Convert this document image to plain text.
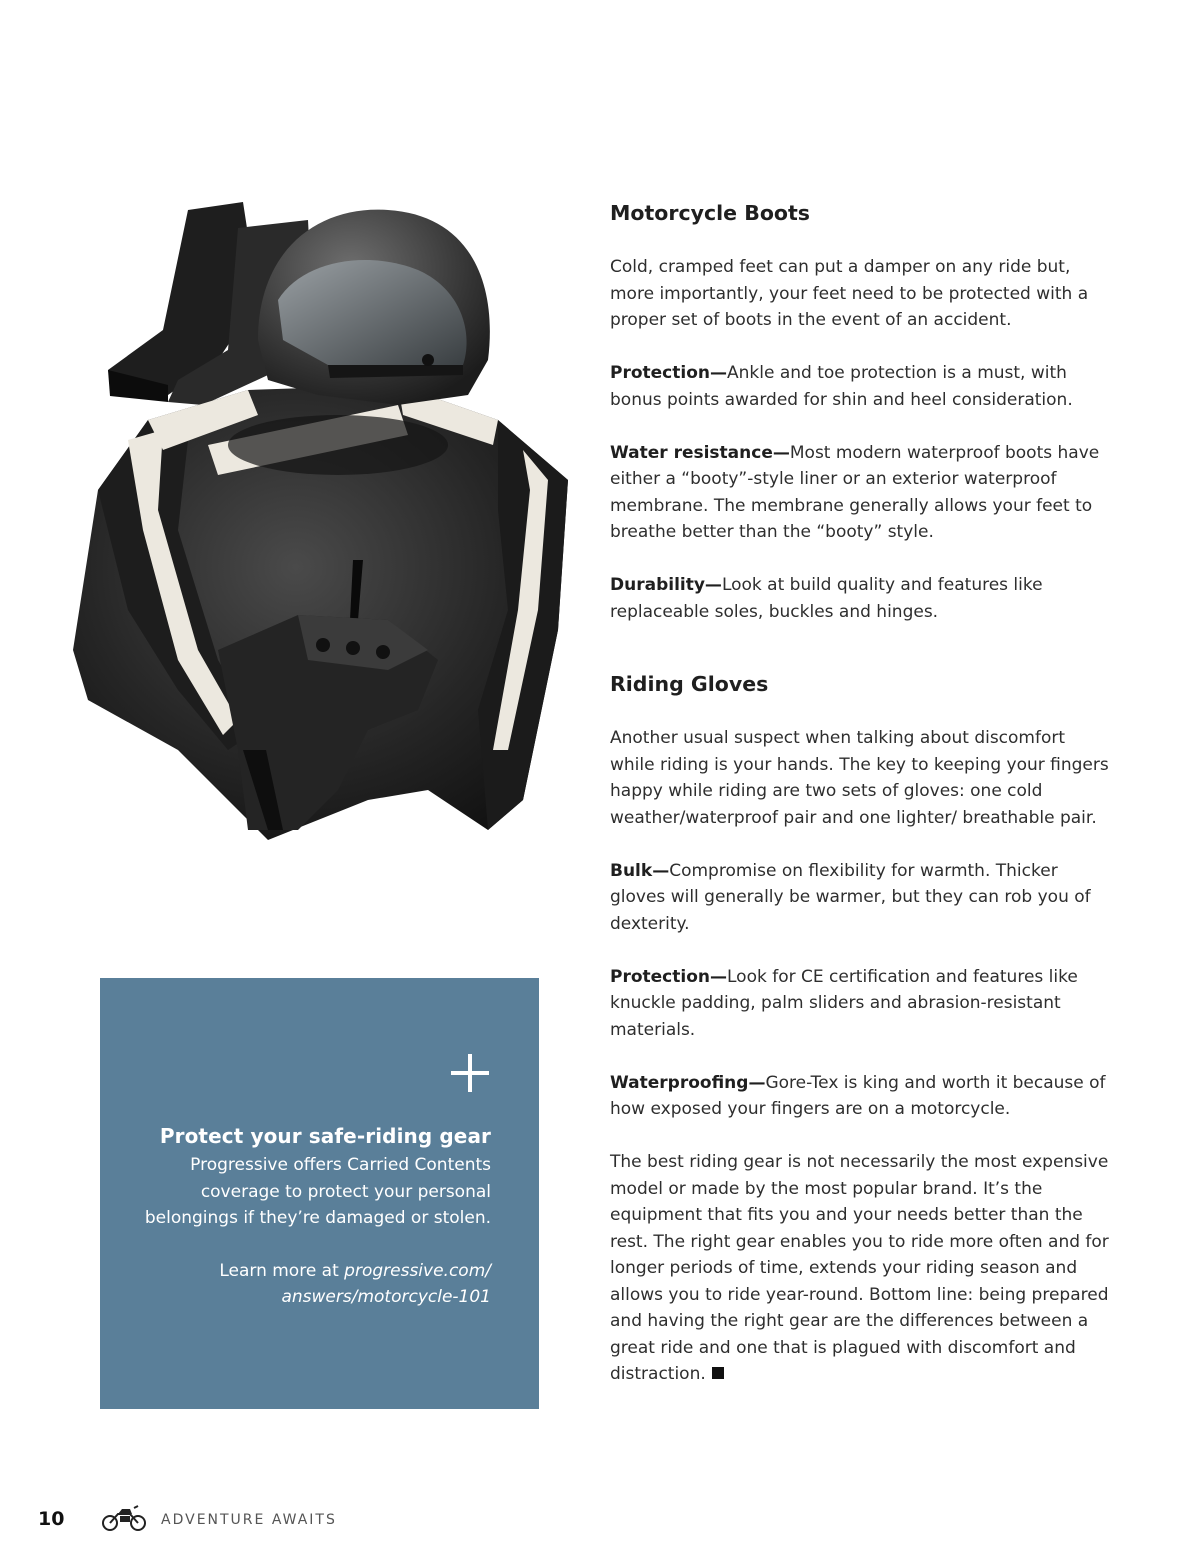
Protect your safe-riding gear

Progressive offers Carried Contents coverage to protect your personal belongings if they’re damaged or stolen.

Learn more at progressive.com/ answers/motorcycle-101

Motorcycle Boots

Cold, cramped feet can put a damper on any ride but, more importantly, your feet need to be protected with a proper set of boots in the event of an accident.

Protection—Ankle and toe protection is a must, with bonus points awarded for shin and heel consideration.

Water resistance—Most modern waterproof boots have either a “booty”-style liner or an exterior waterproof membrane. The membrane generally allows your feet to breathe better than the “booty” style.

Durability—Look at build quality and features like replaceable soles, buckles and hinges.

Riding Gloves

Another usual suspect when talking about discomfort while riding is your hands. The key to keeping your fingers happy while riding are two sets of gloves: one cold weather/waterproof pair and one lighter/ breathable pair.

Bulk—Compromise on flexibility for warmth. Thicker gloves will generally be warmer, but they can rob you of dexterity.

Protection—Look for CE certification and features like knuckle padding, palm sliders and abrasion-resistant materials.

Waterproofing—Gore-Tex is king and worth it because of how exposed your fingers are on a motorcycle.

The best riding gear is not necessarily the most expensive model or made by the most popular brand. It’s the equipment that fits you and your needs better than the rest. The right gear enables you to ride more often and for longer periods of time, extends your riding season and allows you to ride year-round. Bottom line: being prepared and having the right gear are the differences between a great ride and one that is plagued with discomfort and distraction.

10	ADVENTURE AWAITS
